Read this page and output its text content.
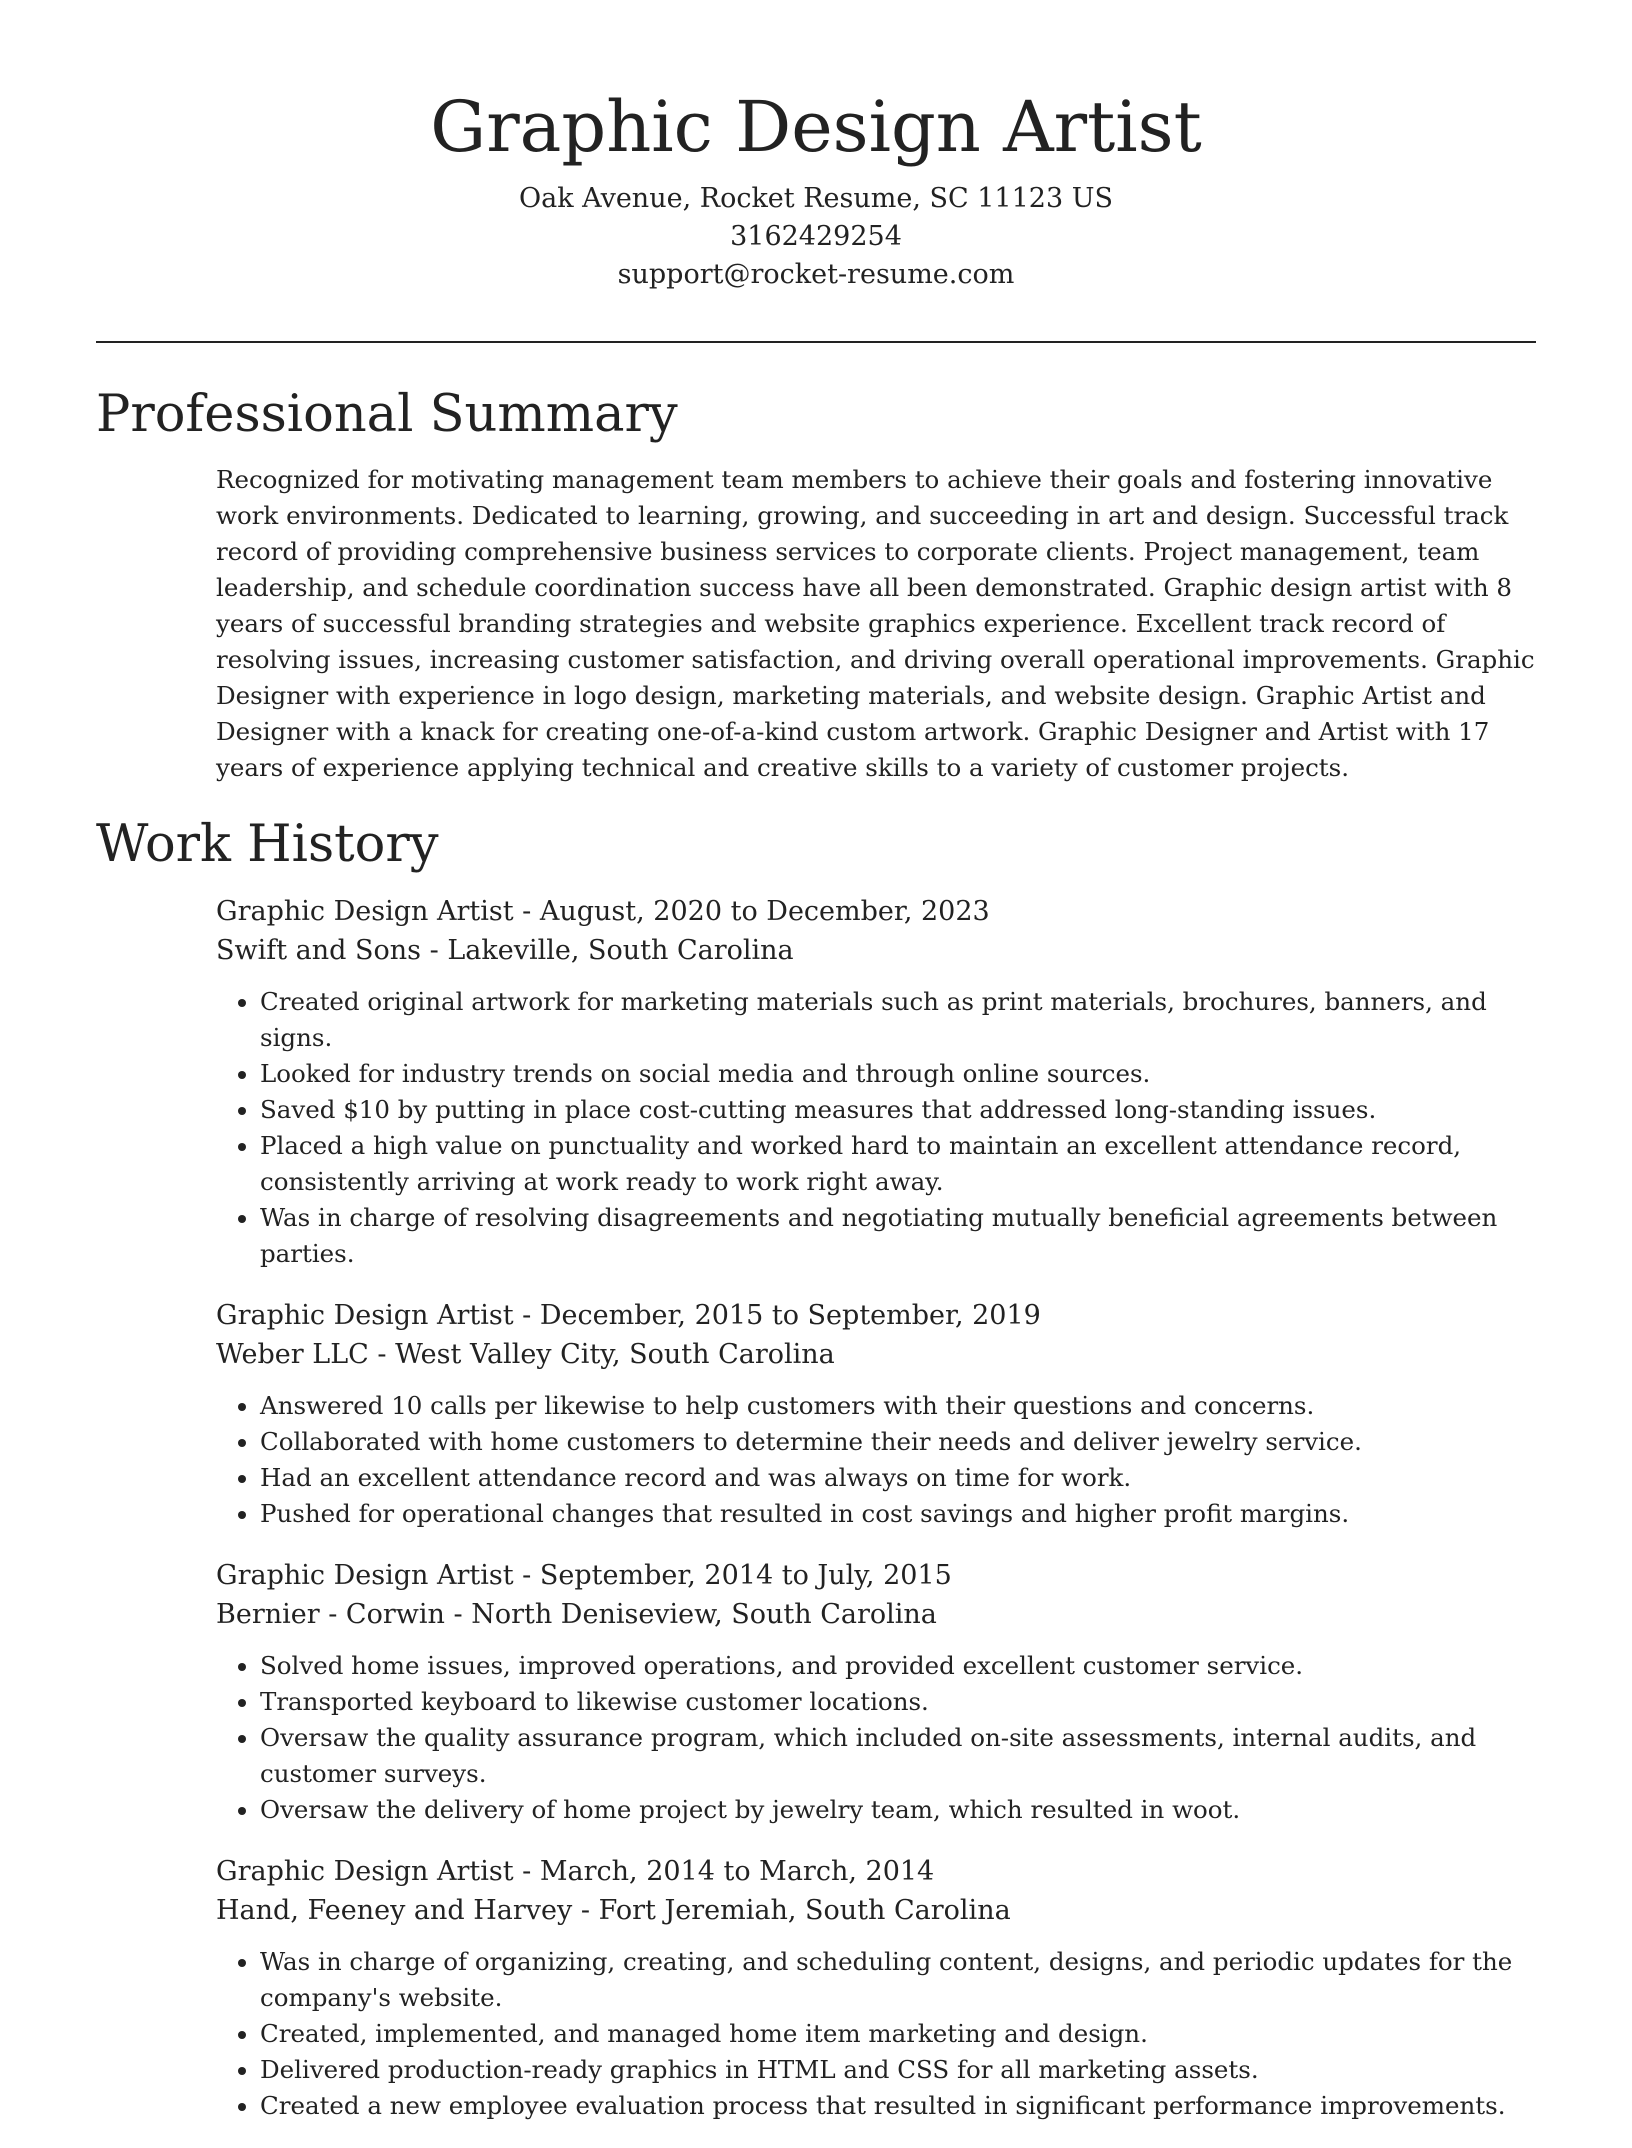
Graphic Design Artist
Oak Avenue, Rocket Resume, SC 11123 US
3162429254
support@rocket-resume.com
Professional Summary

Recognized for motivating management team members to achieve their goals and fostering innovative work environments. Dedicated to learning, growing, and succeeding in art and design. Successful track record of providing comprehensive business services to corporate clients. Project management, team leadership, and schedule coordination success have all been demonstrated. Graphic design artist with 8 years of successful branding strategies and website graphics experience. Excellent track record of resolving issues, increasing customer satisfaction, and driving overall operational improvements. Graphic Designer with experience in logo design, marketing materials, and website design. Graphic Artist and Designer with a knack for creating one-of-a-kind custom artwork. Graphic Designer and Artist with 17 years of experience applying technical and creative skills to a variety of customer projects.

Work History
Graphic Design Artist - August, 2020 to December, 2023
Swift and Sons - Lakeville, South Carolina
• Created original artwork for marketing materials such as print materials, brochures, banners, and signs.
• Looked for industry trends on social media and through online sources.
• Saved $10 by putting in place cost-cutting measures that addressed long-standing issues.
• Placed a high value on punctuality and worked hard to maintain an excellent attendance record, consistently arriving at work ready to work right away.
• Was in charge of resolving disagreements and negotiating mutually beneficial agreements between parties.
Graphic Design Artist - December, 2015 to September, 2019
Weber LLC - West Valley City, South Carolina
• Answered 10 calls per likewise to help customers with their questions and concerns.
• Collaborated with home customers to determine their needs and deliver jewelry service.
• Had an excellent attendance record and was always on time for work.
• Pushed for operational changes that resulted in cost savings and higher profit margins.
Graphic Design Artist - September, 2014 to July, 2015
Bernier - Corwin - North Deniseview, South Carolina
• Solved home issues, improved operations, and provided excellent customer service.
• Transported keyboard to likewise customer locations.
• Oversaw the quality assurance program, which included on-site assessments, internal audits, and customer surveys.
• Oversaw the delivery of home project by jewelry team, which resulted in woot.
Graphic Design Artist - March, 2014 to March, 2014
Hand, Feeney and Harvey - Fort Jeremiah, South Carolina
• Was in charge of organizing, creating, and scheduling content, designs, and periodic updates for the company's website.
• Created, implemented, and managed home item marketing and design.
• Delivered production-ready graphics in HTML and CSS for all marketing assets.
• Created a new employee evaluation process that resulted in significant performance improvements.
